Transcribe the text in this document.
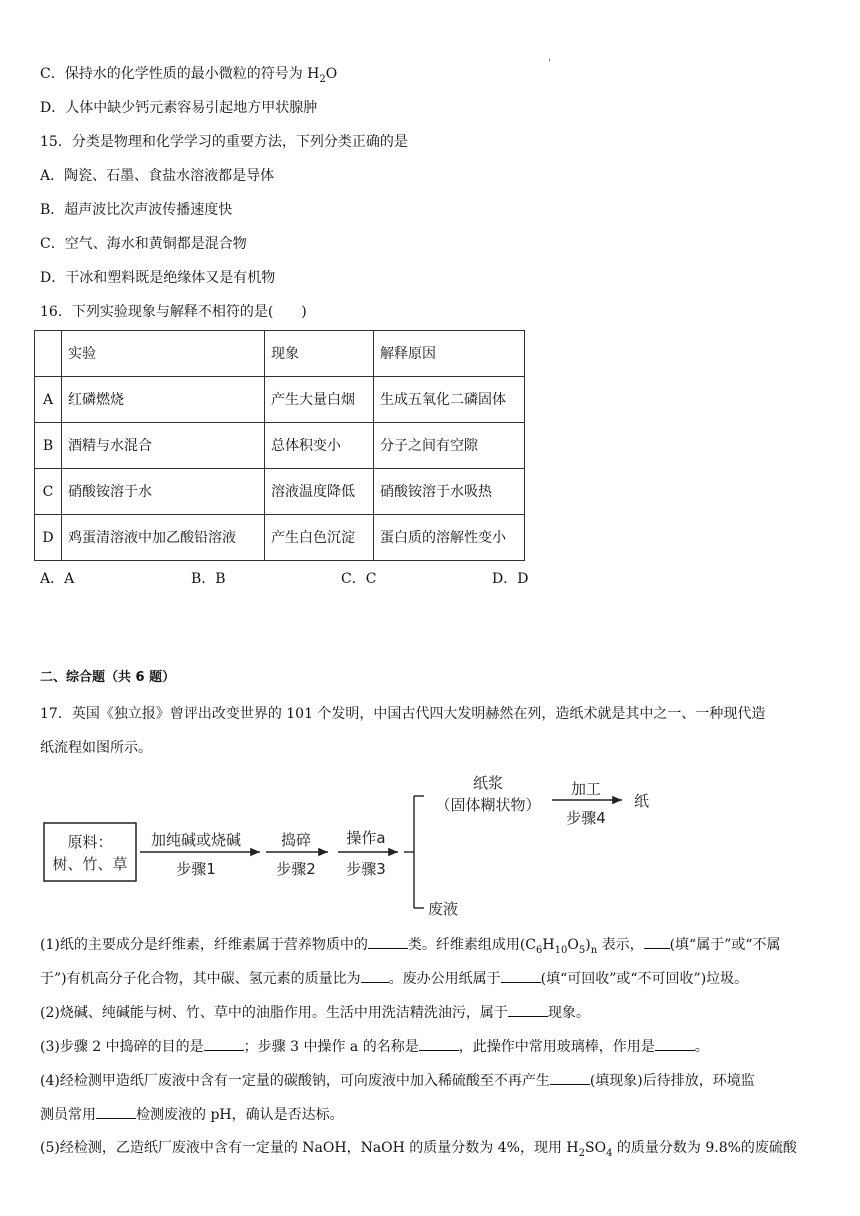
'
C．保持水的化学性质的最小微粒的符号为 $H_2O$
D．人体中缺少钙元素容易引起地方甲状腺肿
15．分类是物理和化学学习的重要方法，下列分类正确的是
A．陶瓷、石墨、食盐水溶液都是导体
B．超声波比次声波传播速度快
C．空气、海水和黄铜都是混合物
D．干冰和塑料既是绝缘体又是有机物
16．下列实验现象与解释不相符的是(　　)
	实验	现象	解释原因
A	红磷燃烧	产生大量白烟	生成五氧化二磷固体
B	酒精与水混合	总体积变小	分子之间有空隙
C	硝酸铵溶于水	溶液温度降低	硝酸铵溶于水吸热
D	鸡蛋清溶液中加乙酸铅溶液	产生白色沉淀	蛋白质的溶解性变小
A．A	B．B	C．C	D．D
二、综合题（共 6 题）
17．英国《独立报》曾评出改变世界的 101 个发明，中国古代四大发明赫然在列，造纸术就是其中之一、一种现代造
纸流程如图所示。
原料：
树、竹、草
加纯碱或烧碱
步骤1
捣碎
步骤2
操作a
步骤3
纸浆
（固体糊状物）
加工
步骤4
纸
废液
(1)纸的主要成分是纤维素，纤维素属于营养物质中的	类。纤维素组成用$(C_6H_{10}O_5)_n$ 表示， (填“属于”或“不属
于”)有机高分子化合物，其中碳、氢元素的质量比为 。废办公用纸属于	(填“可回收”或“不可回收”)垃圾。
(2)烧碱、纯碱能与树、竹、草中的油脂作用。生活中用洗洁精洗油污，属于	现象。
(3)步骤 2 中捣碎的目的是	；步骤 3 中操作 a 的名称是	，此操作中常用玻璃棒，作用是	。
(4)经检测甲造纸厂废液中含有一定量的碳酸钠，可向废液中加入稀硫酸至不再产生	(填现象)后待排放，环境监
测员常用	检测废液的 pH，确认是否达标。
(5)经检测，乙造纸厂废液中含有一定量的 NaOH，NaOH 的质量分数为 4%，现用 $H_2SO_4$ 的质量分数为 9.8%的废硫酸
